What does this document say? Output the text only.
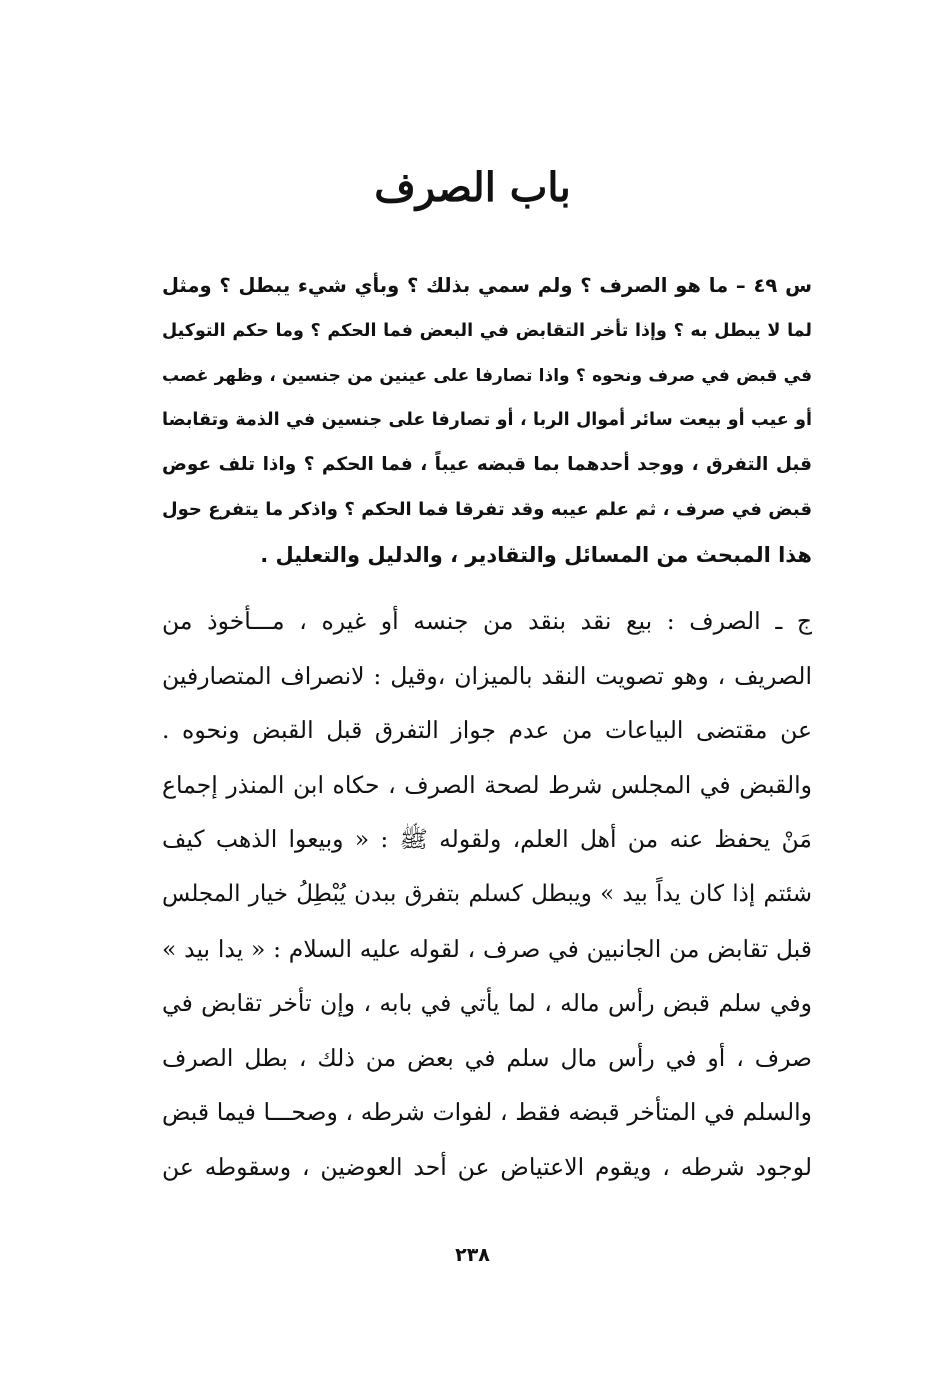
باب الصرف
س ٤٩ – ما هو الصرف ؟ ولم سمي بذلك ؟ وبأي شيء يبطل ؟ ومثل
لما لا يبطل به ؟ وإذا تأخر التقابض في البعض فما الحكم ؟ وما حكم التوكيل
في قبض في صرف ونحوه ؟ واذا تصارفا على عينين من جنسين ، وظهر غصب
أو عيب أو بيعت سائر أموال الربا ، أو تصارفا على جنسين في الذمة وتقابضا
قبل التفرق ، ووجد أحدهما بما قبضه عيباً ، فما الحكم ؟ واذا تلف عوض
قبض في صرف ، ثم علم عيبه وقد تفرقا فما الحكم ؟ واذكر ما يتفرع حول
هذا المبحث من المسائل والتقادير ، والدليل والتعليل .
ج ـ الصرف : بيع نقد بنقد من جنسه أو غيره ، مـــأخوذ من
الصريف ، وهو تصويت النقد بالميزان ،وقيل : لانصراف المتصارفين
عن مقتضى البياعات من عدم جواز التفرق قبل القبض ونحوه .
والقبض في المجلس شرط لصحة الصرف ، حكاه ابن المنذر إجماع
مَنْ يحفظ عنه من أهل العلم، ولقوله ﷺ : « وبيعوا الذهب كيف
شئتم إذا كان يداً بيد » ويبطل كسلم بتفرق ببدن يُبْطِلُ خيار المجلس
قبل تقابض من الجانبين في صرف ، لقوله عليه السلام : « يدا بيد »
وفي سلم قبض رأس ماله ، لما يأتي في بابه ، وإن تأخر تقابض في
صرف ، أو في رأس مال سلم في بعض من ذلك ، بطل الصرف
والسلم في المتأخر قبضه فقط ، لفوات شرطه ، وصحـــا فيما قبض
لوجود شرطه ، ويقوم الاعتياض عن أحد العوضين ، وسقوطه عن
٢٣٨
